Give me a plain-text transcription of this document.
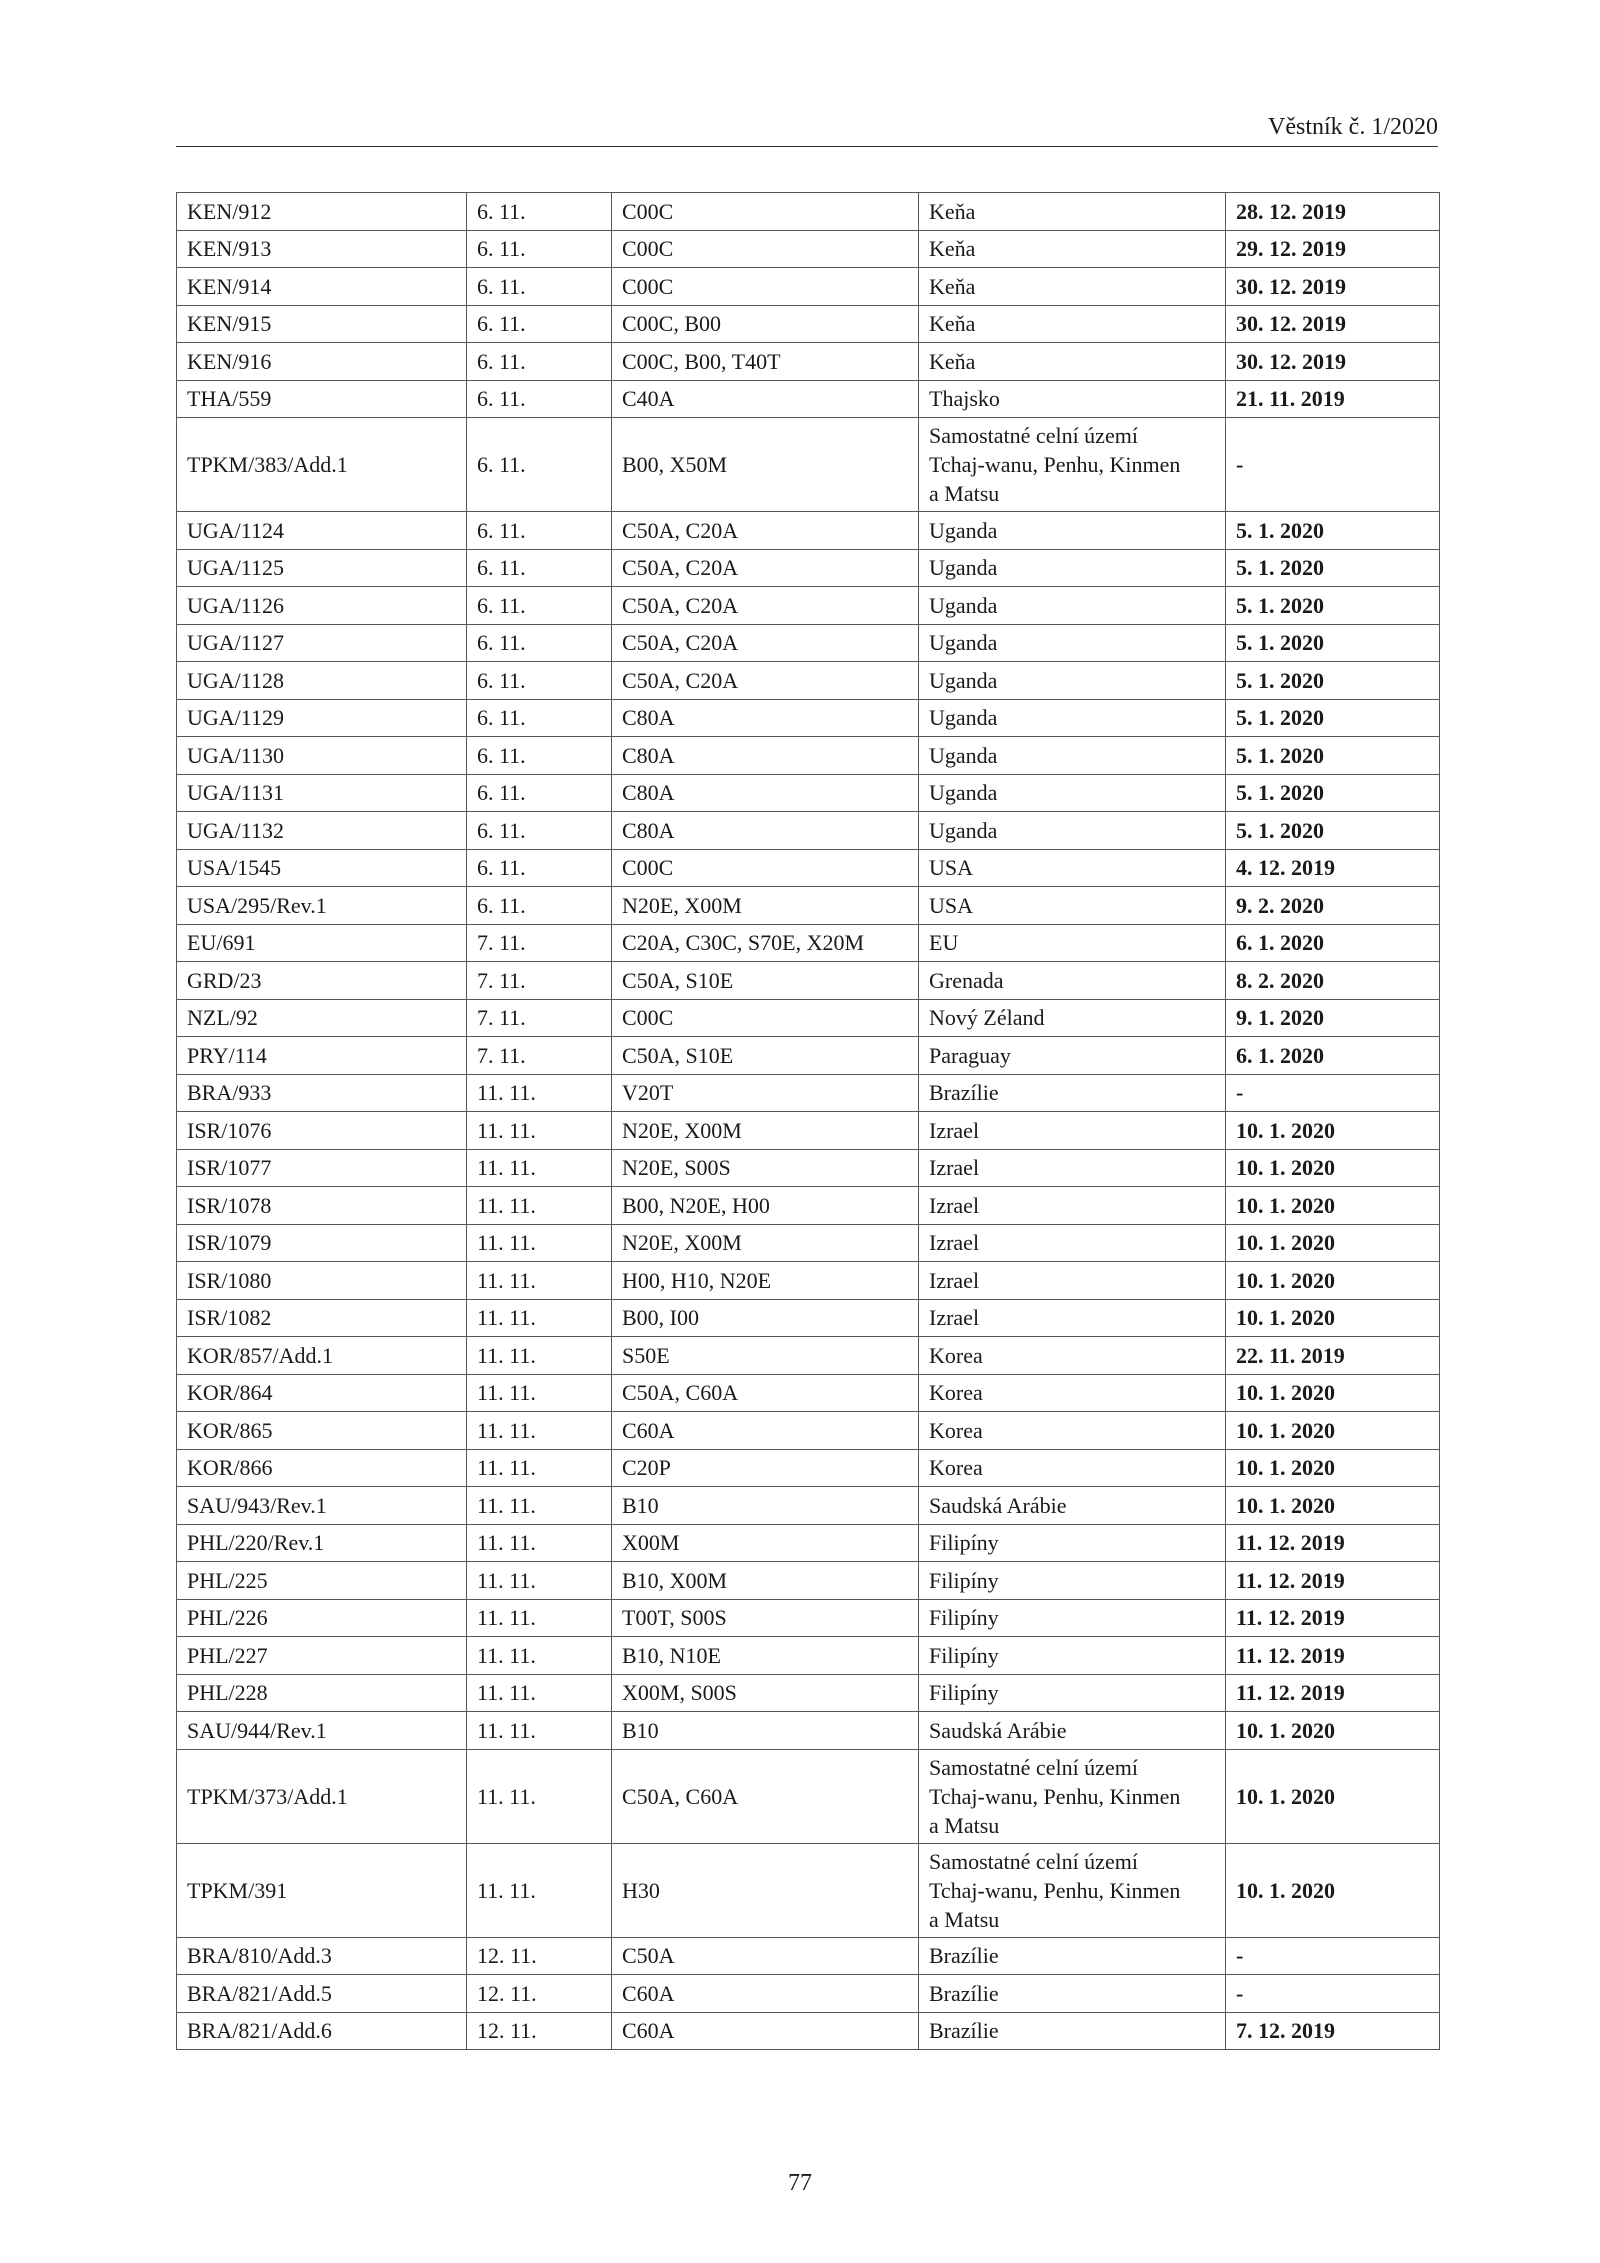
Věstník č. 1/2020
KEN/912	6. 11.	C00C	Keňa	28. 12. 2019
KEN/913	6. 11.	C00C	Keňa	29. 12. 2019
KEN/914	6. 11.	C00C	Keňa	30. 12. 2019
KEN/915	6. 11.	C00C, B00	Keňa	30. 12. 2019
KEN/916	6. 11.	C00C, B00, T40T	Keňa	30. 12. 2019
THA/559	6. 11.	C40A	Thajsko	21. 11. 2019
TPKM/383/Add.1	6. 11.	B00, X50M	Samostatné celní území
Tchaj-wanu, Penhu, Kinmen
a Matsu	-
UGA/1124	6. 11.	C50A, C20A	Uganda	5. 1. 2020
UGA/1125	6. 11.	C50A, C20A	Uganda	5. 1. 2020
UGA/1126	6. 11.	C50A, C20A	Uganda	5. 1. 2020
UGA/1127	6. 11.	C50A, C20A	Uganda	5. 1. 2020
UGA/1128	6. 11.	C50A, C20A	Uganda	5. 1. 2020
UGA/1129	6. 11.	C80A	Uganda	5. 1. 2020
UGA/1130	6. 11.	C80A	Uganda	5. 1. 2020
UGA/1131	6. 11.	C80A	Uganda	5. 1. 2020
UGA/1132	6. 11.	C80A	Uganda	5. 1. 2020
USA/1545	6. 11.	C00C	USA	4. 12. 2019
USA/295/Rev.1	6. 11.	N20E, X00M	USA	9. 2. 2020
EU/691	7. 11.	C20A, C30C, S70E, X20M	EU	6. 1. 2020
GRD/23	7. 11.	C50A, S10E	Grenada	8. 2. 2020
NZL/92	7. 11.	C00C	Nový Zéland	9. 1. 2020
PRY/114	7. 11.	C50A, S10E	Paraguay	6. 1. 2020
BRA/933	11. 11.	V20T	Brazílie	-
ISR/1076	11. 11.	N20E, X00M	Izrael	10. 1. 2020
ISR/1077	11. 11.	N20E, S00S	Izrael	10. 1. 2020
ISR/1078	11. 11.	B00, N20E, H00	Izrael	10. 1. 2020
ISR/1079	11. 11.	N20E, X00M	Izrael	10. 1. 2020
ISR/1080	11. 11.	H00, H10, N20E	Izrael	10. 1. 2020
ISR/1082	11. 11.	B00, I00	Izrael	10. 1. 2020
KOR/857/Add.1	11. 11.	S50E	Korea	22. 11. 2019
KOR/864	11. 11.	C50A, C60A	Korea	10. 1. 2020
KOR/865	11. 11.	C60A	Korea	10. 1. 2020
KOR/866	11. 11.	C20P	Korea	10. 1. 2020
SAU/943/Rev.1	11. 11.	B10	Saudská Arábie	10. 1. 2020
PHL/220/Rev.1	11. 11.	X00M	Filipíny	11. 12. 2019
PHL/225	11. 11.	B10, X00M	Filipíny	11. 12. 2019
PHL/226	11. 11.	T00T, S00S	Filipíny	11. 12. 2019
PHL/227	11. 11.	B10, N10E	Filipíny	11. 12. 2019
PHL/228	11. 11.	X00M, S00S	Filipíny	11. 12. 2019
SAU/944/Rev.1	11. 11.	B10	Saudská Arábie	10. 1. 2020
TPKM/373/Add.1	11. 11.	C50A, C60A	Samostatné celní území
Tchaj-wanu, Penhu, Kinmen
a Matsu	10. 1. 2020
TPKM/391	11. 11.	H30	Samostatné celní území
Tchaj-wanu, Penhu, Kinmen
a Matsu	10. 1. 2020
BRA/810/Add.3	12. 11.	C50A	Brazílie	-
BRA/821/Add.5	12. 11.	C60A	Brazílie	-
BRA/821/Add.6	12. 11.	C60A	Brazílie	7. 12. 2019
77
